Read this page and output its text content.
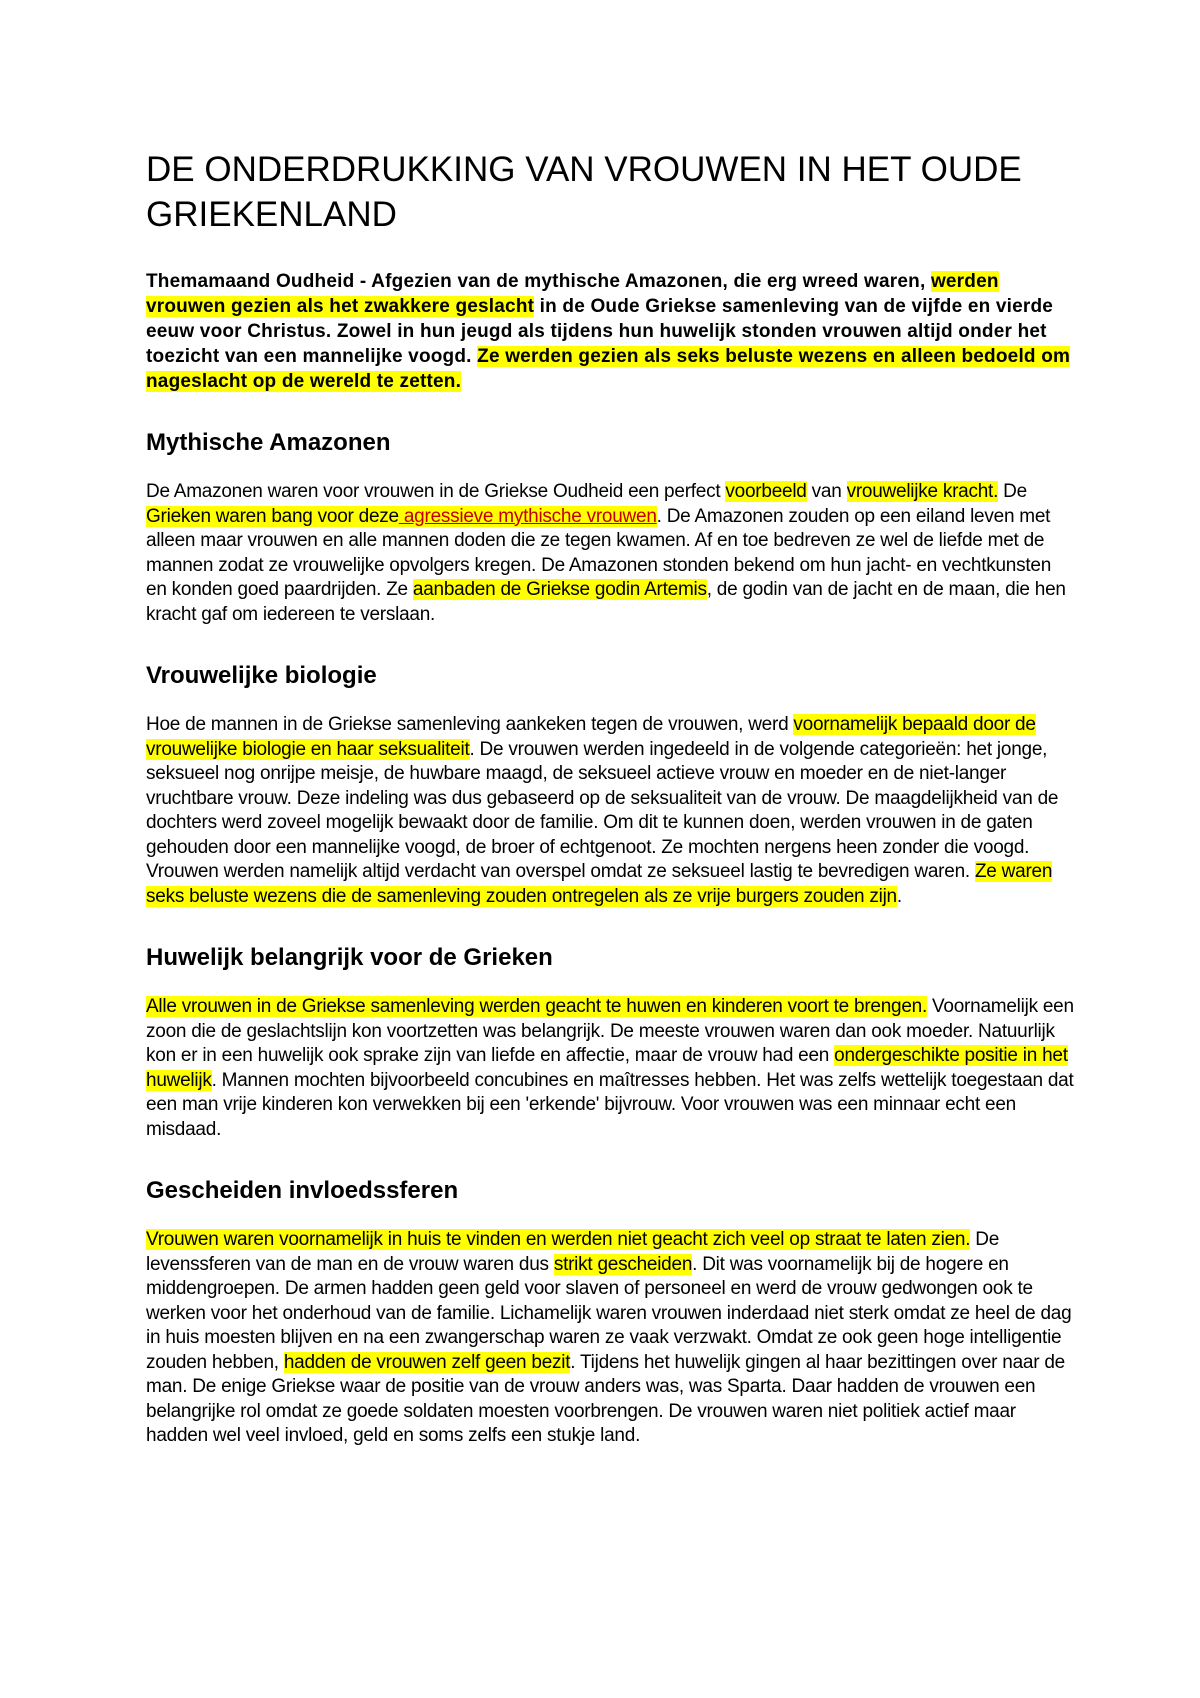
DE ONDERDRUKKING VAN VROUWEN IN HET OUDE GRIEKENLAND

Themamaand Oudheid - Afgezien van de mythische Amazonen, die erg wreed waren, werden vrouwen gezien als het zwakkere geslacht in de Oude Griekse samenleving van de vijfde en vierde eeuw voor Christus. Zowel in hun jeugd als tijdens hun huwelijk stonden vrouwen altijd onder het toezicht van een mannelijke voogd. Ze werden gezien als seks beluste wezens en alleen bedoeld om nageslacht op de wereld te zetten.

Mythische Amazonen

De Amazonen waren voor vrouwen in de Griekse Oudheid een perfect voorbeeld van vrouwelijke kracht. De Grieken waren bang voor deze agressieve mythische vrouwen. De Amazonen zouden op een eiland leven met alleen maar vrouwen en alle mannen doden die ze tegen kwamen. Af en toe bedreven ze wel de liefde met de mannen zodat ze vrouwelijke opvolgers kregen. De Amazonen stonden bekend om hun jacht- en vechtkunsten en konden goed paardrijden. Ze aanbaden de Griekse godin Artemis, de godin van de jacht en de maan, die hen kracht gaf om iedereen te verslaan.

Vrouwelijke biologie

Hoe de mannen in de Griekse samenleving aankeken tegen de vrouwen, werd voornamelijk bepaald door de vrouwelijke biologie en haar seksualiteit. De vrouwen werden ingedeeld in de volgende categorieën: het jonge, seksueel nog onrijpe meisje, de huwbare maagd, de seksueel actieve vrouw en moeder en de niet-langer vruchtbare vrouw. Deze indeling was dus gebaseerd op de seksualiteit van de vrouw. De maagdelijkheid van de dochters werd zoveel mogelijk bewaakt door de familie. Om dit te kunnen doen, werden vrouwen in de gaten gehouden door een mannelijke voogd, de broer of echtgenoot. Ze mochten nergens heen zonder die voogd. Vrouwen werden namelijk altijd verdacht van overspel omdat ze seksueel lastig te bevredigen waren. Ze waren seks beluste wezens die de samenleving zouden ontregelen als ze vrije burgers zouden zijn.

Huwelijk belangrijk voor de Grieken

Alle vrouwen in de Griekse samenleving werden geacht te huwen en kinderen voort te brengen. Voornamelijk een zoon die de geslachtslijn kon voortzetten was belangrijk. De meeste vrouwen waren dan ook moeder. Natuurlijk kon er in een huwelijk ook sprake zijn van liefde en affectie, maar de vrouw had een ondergeschikte positie in het huwelijk. Mannen mochten bijvoorbeeld concubines en maîtresses hebben. Het was zelfs wettelijk toegestaan dat een man vrije kinderen kon verwekken bij een 'erkende' bijvrouw. Voor vrouwen was een minnaar echt een misdaad.

Gescheiden invloedssferen

Vrouwen waren voornamelijk in huis te vinden en werden niet geacht zich veel op straat te laten zien. De levenssferen van de man en de vrouw waren dus strikt gescheiden. Dit was voornamelijk bij de hogere en middengroepen. De armen hadden geen geld voor slaven of personeel en werd de vrouw gedwongen ook te werken voor het onderhoud van de familie. Lichamelijk waren vrouwen inderdaad niet sterk omdat ze heel de dag in huis moesten blijven en na een zwangerschap waren ze vaak verzwakt. Omdat ze ook geen hoge intelligentie zouden hebben, hadden de vrouwen zelf geen bezit. Tijdens het huwelijk gingen al haar bezittingen over naar de man. De enige Griekse waar de positie van de vrouw anders was, was Sparta. Daar hadden de vrouwen een belangrijke rol omdat ze goede soldaten moesten voorbrengen. De vrouwen waren niet politiek actief maar hadden wel veel invloed, geld en soms zelfs een stukje land.
